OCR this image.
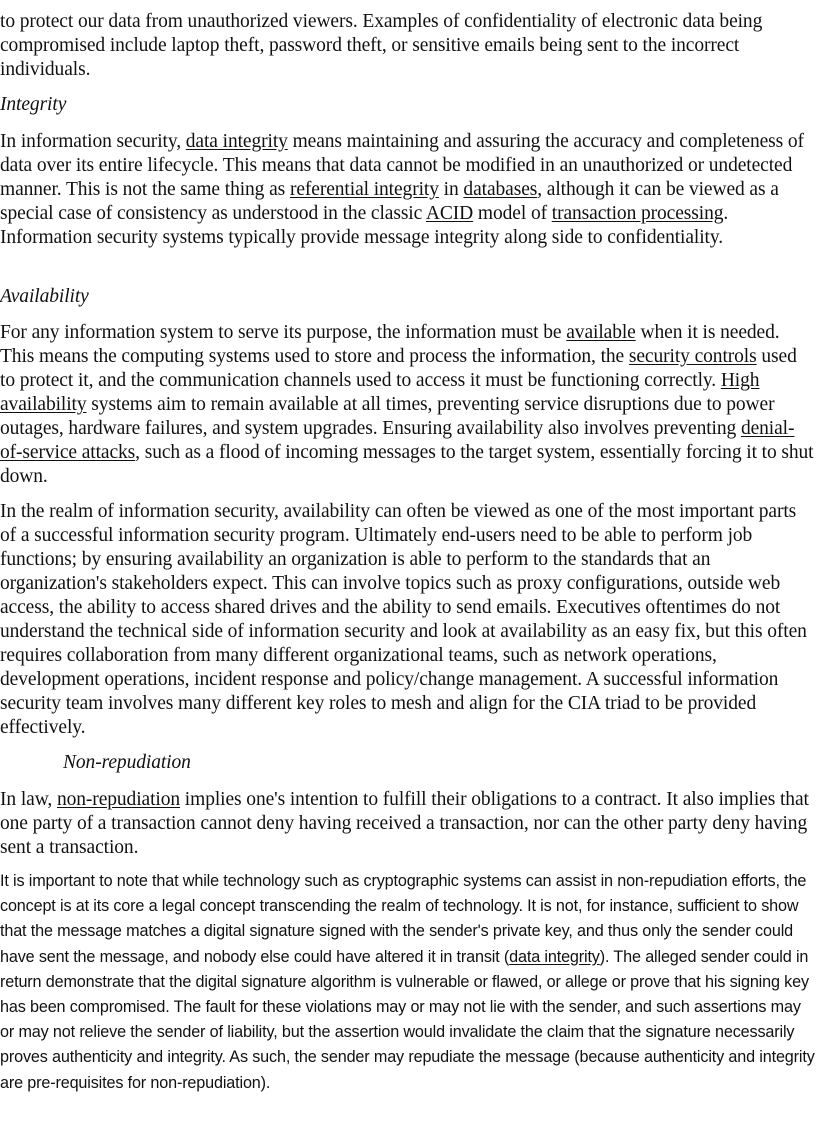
to protect our data from unauthorized viewers. Examples of confidentiality of electronic data being compromised include laptop theft, password theft, or sensitive emails being sent to the incorrect individuals.

Integrity

In information security, data integrity means maintaining and assuring the accuracy and completeness of data over its entire lifecycle. This means that data cannot be modified in an unauthorized or undetected manner. This is not the same thing as referential integrity in databases, although it can be viewed as a special case of consistency as understood in the classic ACID model of transaction processing. Information security systems typically provide message integrity along side to confidentiality.

Availability

For any information system to serve its purpose, the information must be available when it is needed. This means the computing systems used to store and process the information, the security controls used to protect it, and the communication channels used to access it must be functioning correctly. High availability systems aim to remain available at all times, preventing service disruptions due to power outages, hardware failures, and system upgrades. Ensuring availability also involves preventing denial-of-service attacks, such as a flood of incoming messages to the target system, essentially forcing it to shut down.

In the realm of information security, availability can often be viewed as one of the most important parts of a successful information security program. Ultimately end-users need to be able to perform job functions; by ensuring availability an organization is able to perform to the standards that an organization's stakeholders expect. This can involve topics such as proxy configurations, outside web access, the ability to access shared drives and the ability to send emails. Executives oftentimes do not understand the technical side of information security and look at availability as an easy fix, but this often requires collaboration from many different organizational teams, such as network operations, development operations, incident response and policy/change management. A successful information security team involves many different key roles to mesh and align for the CIA triad to be provided effectively.

Non-repudiation

In law, non-repudiation implies one's intention to fulfill their obligations to a contract. It also implies that one party of a transaction cannot deny having received a transaction, nor can the other party deny having sent a transaction.

It is important to note that while technology such as cryptographic systems can assist in non-repudiation efforts, the concept is at its core a legal concept transcending the realm of technology. It is not, for instance, sufficient to show that the message matches a digital signature signed with the sender's private key, and thus only the sender could have sent the message, and nobody else could have altered it in transit (data integrity). The alleged sender could in return demonstrate that the digital signature algorithm is vulnerable or flawed, or allege or prove that his signing key has been compromised. The fault for these violations may or may not lie with the sender, and such assertions may or may not relieve the sender of liability, but the assertion would invalidate the claim that the signature necessarily proves authenticity and integrity. As such, the sender may repudiate the message (because authenticity and integrity are pre-requisites for non-repudiation).
